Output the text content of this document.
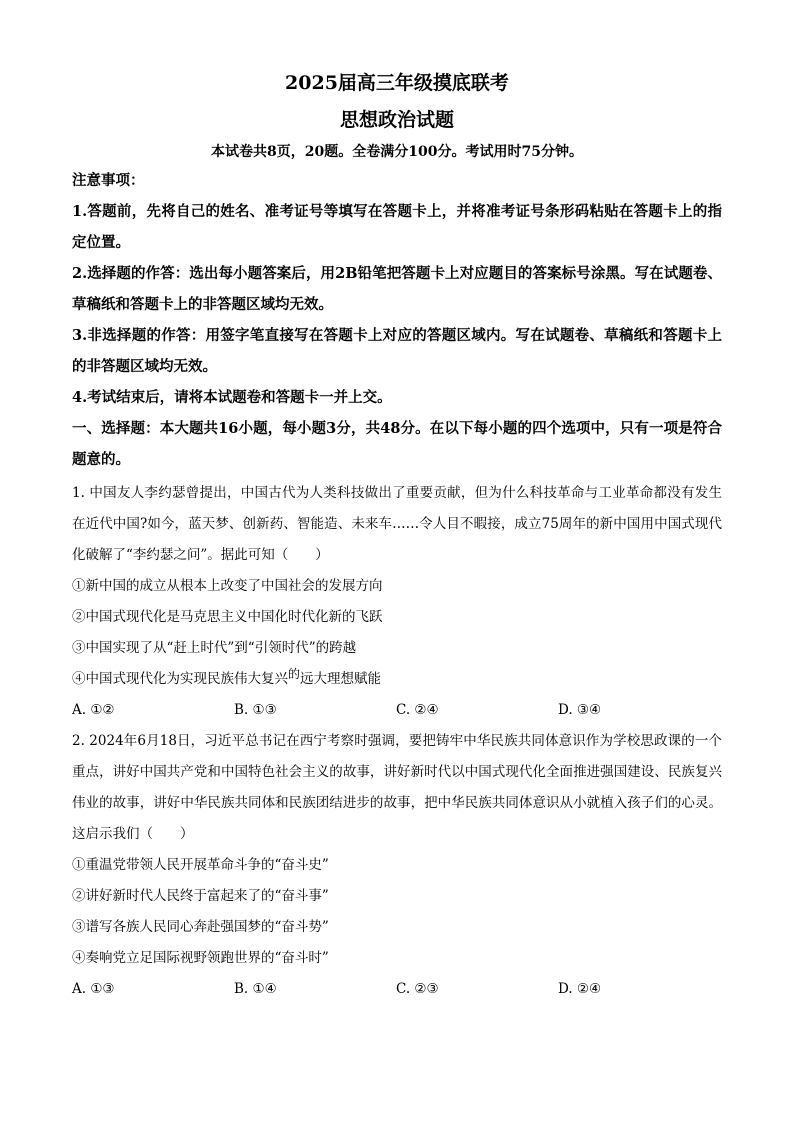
2025届高三年级摸底联考
思想政治试题
本试卷共8页，20题。全卷满分100分。考试用时75分钟。
注意事项：
1.答题前，先将自己的姓名、准考证号等填写在答题卡上，并将准考证号条形码粘贴在答题卡上的指定位置。
2.选择题的作答：选出每小题答案后，用2B铅笔把答题卡上对应题目的答案标号涂黑。写在试题卷、草稿纸和答题卡上的非答题区域均无效。
3.非选择题的作答：用签字笔直接写在答题卡上对应的答题区域内。写在试题卷、草稿纸和答题卡上的非答题区域均无效。
4.考试结束后，请将本试题卷和答题卡一并上交。
一、选择题：本大题共16小题，每小题3分，共48分。在以下每小题的四个选项中，只有一项是符合题意的。
1. 中国友人李约瑟曾提出，中国古代为人类科技做出了重要贡献，但为什么科技革命与工业革命都没有发生在近代中国?如今，蓝天梦、创新药、智能造、未来车……令人目不暇接，成立75周年的新中国用中国式现代化破解了“李约瑟之问”。据此可知（　　）
①新中国的成立从根本上改变了中国社会的发展方向
②中国式现代化是马克思主义中国化时代化新的飞跃
③中国实现了从“赶上时代”到“引领时代”的跨越
④中国式现代化为实现民族伟大复兴的远大理想赋能
A. ①②	B. ①③	C. ②④	D. ③④
2. 2024年6月18日，习近平总书记在西宁考察时强调，要把铸牢中华民族共同体意识作为学校思政课的一个重点，讲好中国共产党和中国特色社会主义的故事，讲好新时代以中国式现代化全面推进强国建设、民族复兴伟业的故事，讲好中华民族共同体和民族团结进步的故事，把中华民族共同体意识从小就植入孩子们的心灵。这启示我们（　　）
①重温党带领人民开展革命斗争的“奋斗史”
②讲好新时代人民终于富起来了的“奋斗事”
③谱写各族人民同心奔赴强国梦的“奋斗势”
④奏响党立足国际视野领跑世界的“奋斗时”
A. ①③	B. ①④	C. ②③	D. ②④
